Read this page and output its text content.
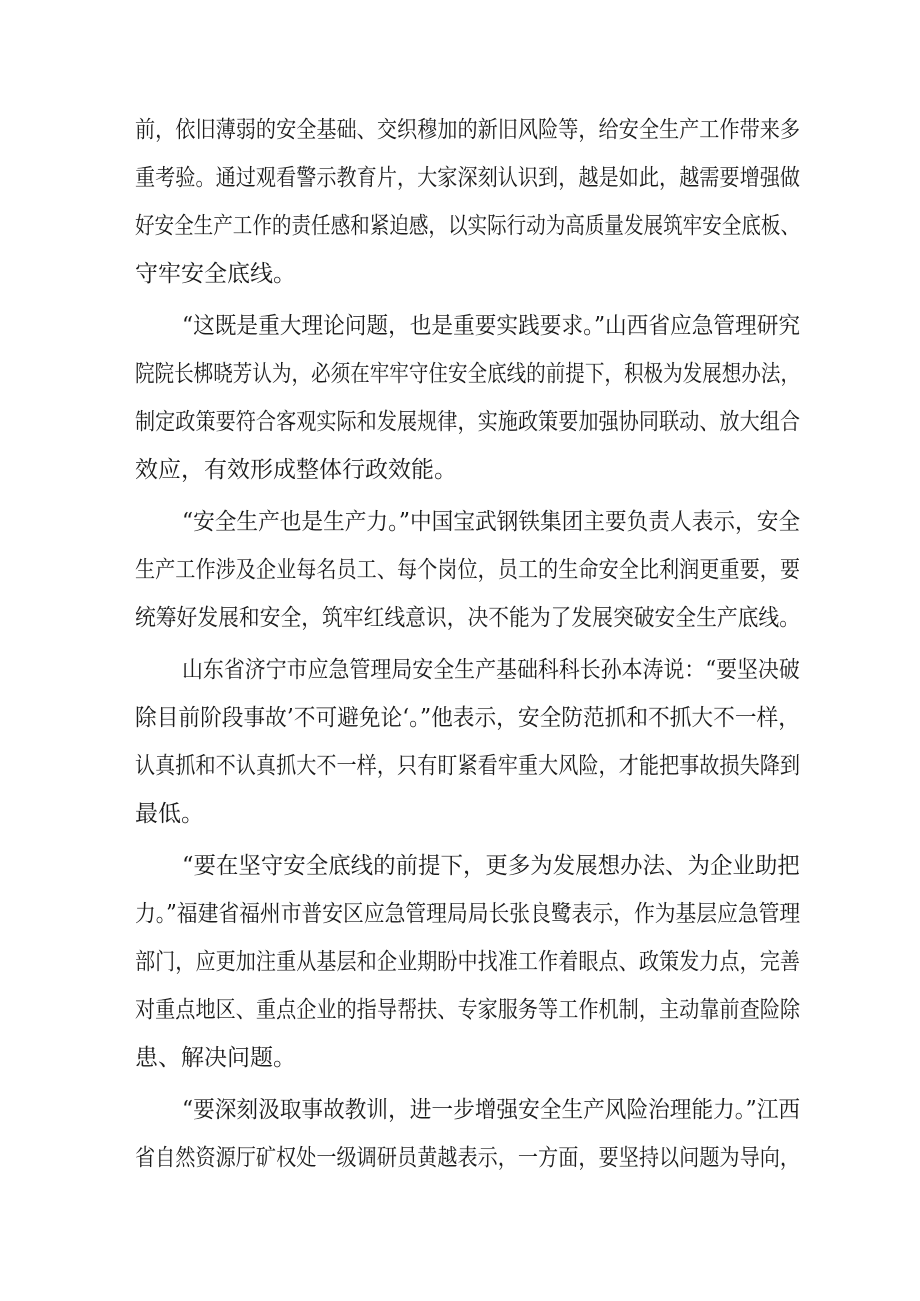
前，依旧薄弱的安全基础、交织穆加的新旧风险等，给安全生产工作带来多
重考验。通过观看警示教育片，大家深刻认识到，越是如此，越需要增强做
好安全生产工作的责任感和紧迫感，以实际行动为高质量发展筑牢安全底板、
守牢安全底线。
“这既是重大理论问题，也是重要实践要求。”山西省应急管理研究
院院长梆晓芳认为，必须在牢牢守住安全底线的前提下，积极为发展想办法，
制定政策要符合客观实际和发展规律，实施政策要加强协同联动、放大组合
效应，有效形成整体行政效能。
“安全生产也是生产力。”中国宝武钢铁集团主要负责人表示，安全
生产工作涉及企业每名员工、每个岗位，员工的生命安全比利润更重要，要
统筹好发展和安全，筑牢红线意识，决不能为了发展突破安全生产底线。
山东省济宁市应急管理局安全生产基础科科长孙本涛说：“要坚决破
除目前阶段事故’不可避免论‘。”他表示，安全防范抓和不抓大不一样，
认真抓和不认真抓大不一样，只有盯紧看牢重大风险，才能把事故损失降到
最低。
“要在坚守安全底线的前提下，更多为发展想办法、为企业助把
力。”福建省福州市普安区应急管理局局长张良鹭表示，作为基层应急管理
部门，应更加注重从基层和企业期盼中找准工作着眼点、政策发力点，完善
对重点地区、重点企业的指导帮扶、专家服务等工作机制，主动靠前查险除
患、解决问题。
“要深刻汲取事故教训，进一步增强安全生产风险治理能力。”江西
省自然资源厅矿权处一级调研员黄越表示，一方面，要坚持以问题为导向，
